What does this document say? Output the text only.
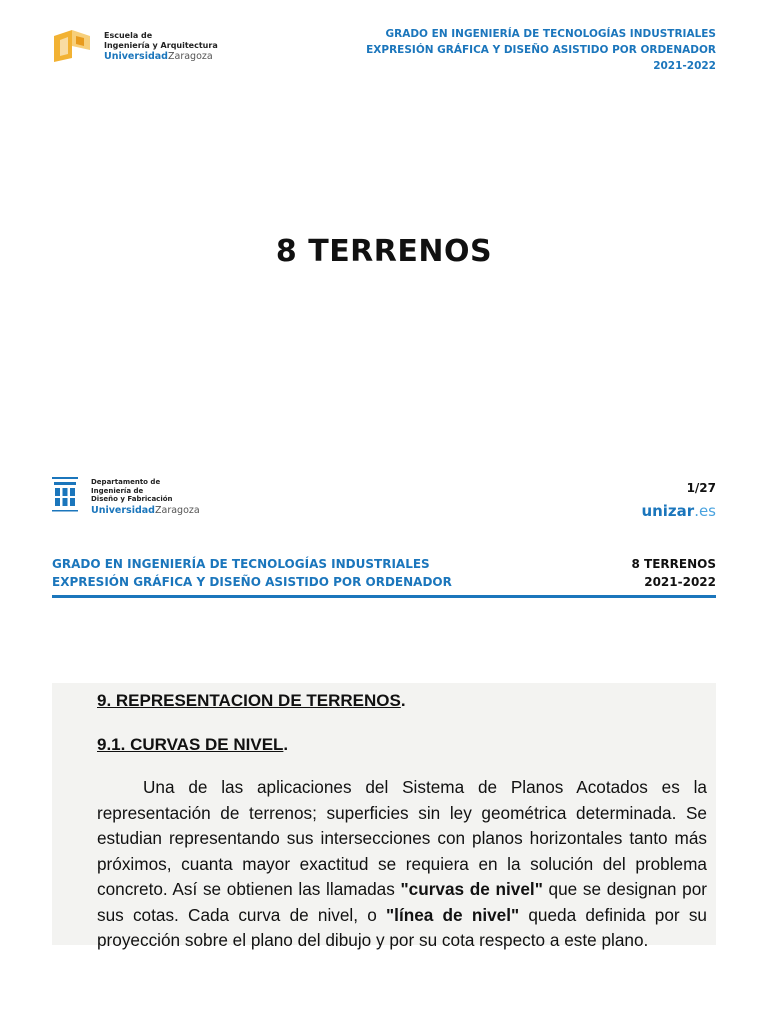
Escuela de
Ingeniería y Arquitectura
UniversidadZaragoza
GRADO EN INGENIERÍA DE TECNOLOGÍAS INDUSTRIALES
EXPRESIÓN GRÁFICA Y DISEÑO ASISTIDO POR ORDENADOR
2021-2022
8 TERRENOS
Departamento de
Ingeniería de
Diseño y Fabricación
UniversidadZaragoza
1/27
unizar.es
GRADO EN INGENIERÍA DE TECNOLOGÍAS INDUSTRIALES
EXPRESIÓN GRÁFICA Y DISEÑO ASISTIDO POR ORDENADOR
8 TERRENOS
2021-2022
9. REPRESENTACION DE TERRENOS.
9.1. CURVAS DE NIVEL.
Una de las aplicaciones del Sistema de Planos Acotados es la representación de terrenos; superficies sin ley geométrica determinada. Se estudian representando sus intersecciones con planos horizontales tanto más próximos, cuanta mayor exactitud se requiera en la solución del problema concreto. Así se obtienen las llamadas "curvas de nivel" que se designan por sus cotas. Cada curva de nivel, o "línea de nivel" queda definida por su proyección sobre el plano del dibujo y por su cota respecto a este plano.
